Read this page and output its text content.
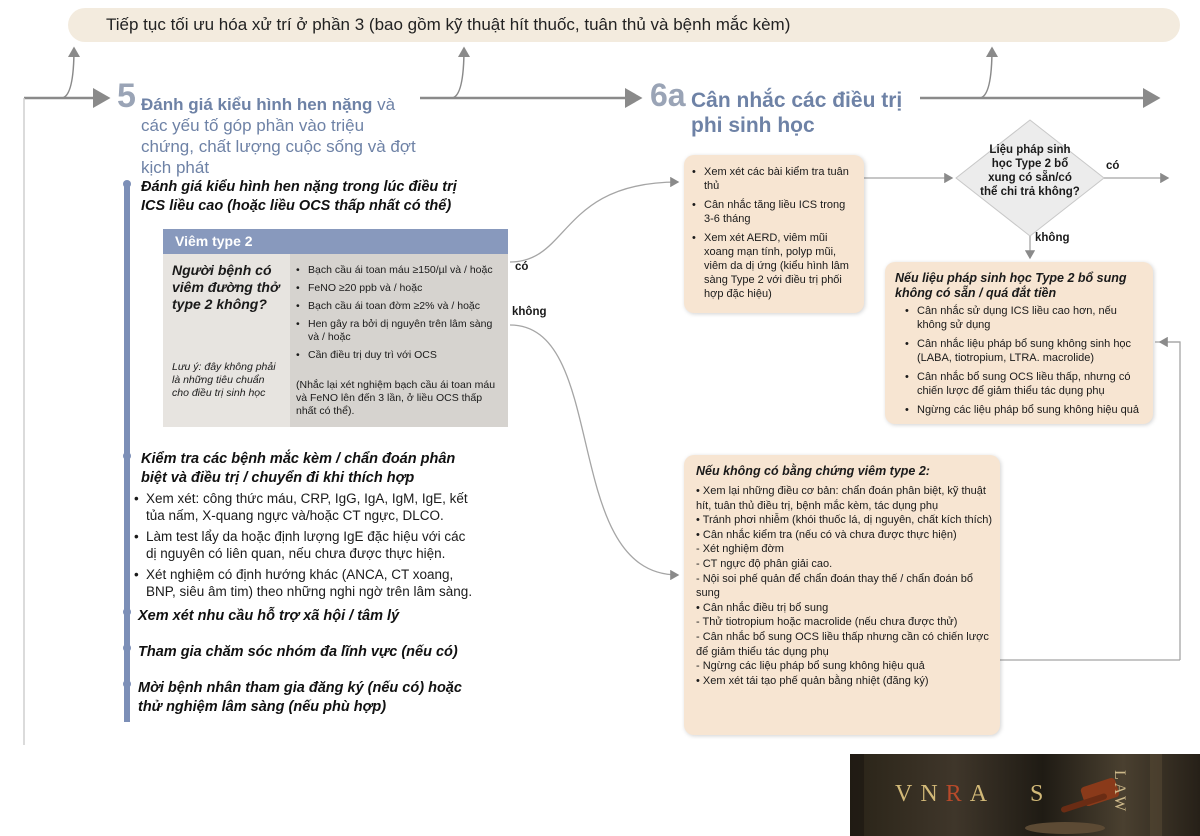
Tiếp tục tối ưu hóa xử trí ở phần 3 (bao gồm kỹ thuật hít thuốc, tuân thủ và bệnh mắc kèm)
5 Đánh giá kiểu hình hen nặng và các yếu tố góp phần vào triệu chứng, chất lượng cuộc sống và đợt kịch phát
Đánh giá kiểu hình hen nặng trong lúc điều trị ICS liều cao (hoặc liều OCS thấp nhất có thể)
Viêm type 2
Người bệnh có viêm đường thở type 2 không?
Lưu ý: đây không phải là những tiêu chuẩn cho điều trị sinh học
• Bạch cầu ái toan máu ≥150/µl và / hoặc
• FeNO ≥20 ppb và / hoặc
• Bạch cầu ái toan đờm ≥2% và / hoặc
• Hen gây ra bởi dị nguyên trên lâm sàng và / hoặc
• Cần điều trị duy trì với OCS
(Nhắc lại xét nghiệm bạch cầu ái toan máu và FeNO lên đến 3 lần, ở liều OCS thấp nhất có thể).
có
không
Kiểm tra các bệnh mắc kèm / chẩn đoán phân biệt và điều trị / chuyển đi khi thích hợp
• Xem xét: công thức máu, CRP, IgG, IgA, IgM, IgE, kết tủa nấm, X-quang ngực và/hoặc CT ngực, DLCO.
• Làm test lẩy da hoặc định lượng IgE đặc hiệu với các dị nguyên có liên quan, nếu chưa được thực hiện.
• Xét nghiệm có định hướng khác (ANCA, CT xoang, BNP, siêu âm tim) theo những nghi ngờ trên lâm sàng.
Xem xét nhu cầu hỗ trợ xã hội / tâm lý
Tham gia chăm sóc nhóm đa lĩnh vực (nếu có)
Mời bệnh nhân tham gia đăng ký (nếu có) hoặc thử nghiệm lâm sàng (nếu phù hợp)
6a Cân nhắc các điều trị phi sinh học
• Xem xét các bài kiểm tra tuân thủ
• Cân nhắc tăng liều ICS trong 3-6 tháng
• Xem xét AERD, viêm mũi xoang mạn tính, polyp mũi, viêm da dị ứng (kiểu hình lâm sàng Type 2 với điều trị phối hợp đặc hiệu)
Liệu pháp sinh học Type 2 bổ xung có sẵn/có thể chi trả không?
có
không
Nếu liệu pháp sinh học Type 2 bổ sung không có sẵn / quá đắt tiền
• Cân nhắc sử dụng ICS liều cao hơn, nếu không sử dụng
• Cân nhắc liệu pháp bổ sung không sinh học (LABA, tiotropium, LTRA. macrolide)
• Cân nhắc bổ sung OCS liều thấp, nhưng có chiến lược để giảm thiểu tác dụng phụ
• Ngừng các liệu pháp bổ sung không hiệu quả
Nếu không có bằng chứng viêm type 2:
• Xem lại những điều cơ bản: chẩn đoán phân biệt, kỹ thuật hít, tuân thủ điều trị, bệnh mắc kèm, tác dụng phụ
• Tránh phơi nhiễm (khói thuốc lá, dị nguyên, chất kích thích)
• Cân nhắc kiểm tra (nếu có và chưa được thực hiện)
- Xét nghiệm đờm
- CT ngực độ phân giải cao.
- Nội soi phế quản để chẩn đoán thay thế / chẩn đoán bổ sung
• Cân nhắc điều trị bổ sung
- Thử tiotropium hoặc macrolide (nếu chưa được thử)
- Cân nhắc bổ sung OCS liều thấp nhưng cần có chiến lược để giảm thiểu tác dụng phụ
- Ngừng các liệu pháp bổ sung không hiệu quả
• Xem xét tái tạo phế quản bằng nhiệt (đăng ký)
VNRA S	LAW
